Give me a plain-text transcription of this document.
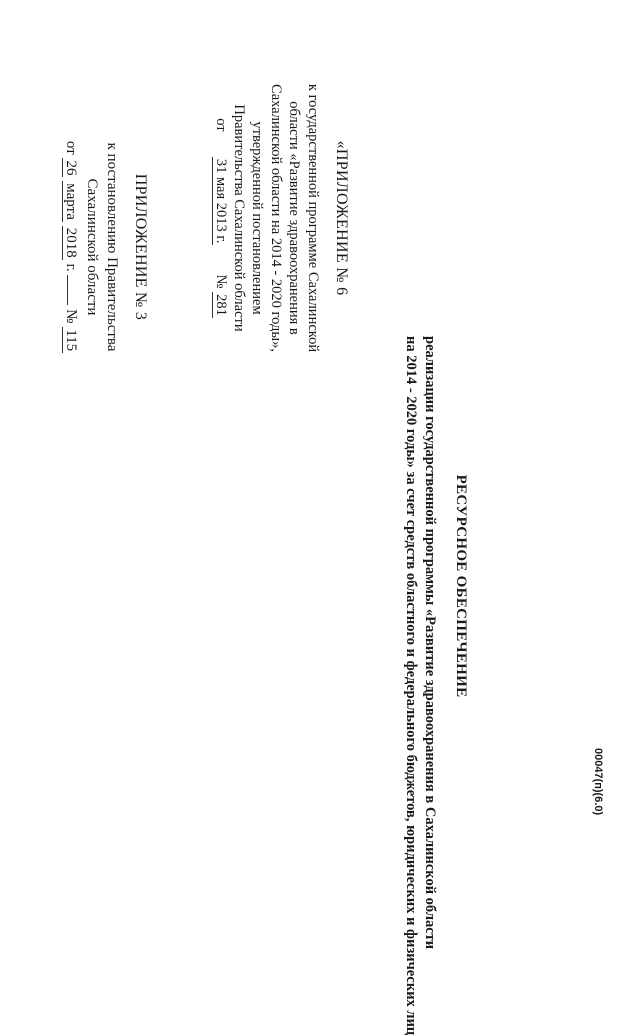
ПРИЛОЖЕНИЕ № 3
к постановлению Правительства
Сахалинской области
от 26 марта 2018 г.  № 115
«ПРИЛОЖЕНИЕ № 6
к государственной программе Сахалинской
области «Развитие здравоохранения в
Сахалинской области на 2014 - 2020 годы»,
утвержденной постановлением
Правительства Сахалинской области
от  31 мая 2013 г.  № 281
РЕСУРСНОЕ ОБЕСПЕЧЕНИЕ
реализации государственной программы «Развитие здравоохранения в Сахалинской области
на 2014 - 2020 годы» за счет средств областного и федерального бюджетов, юридических и физических лиц	00047(п)(6.0)
